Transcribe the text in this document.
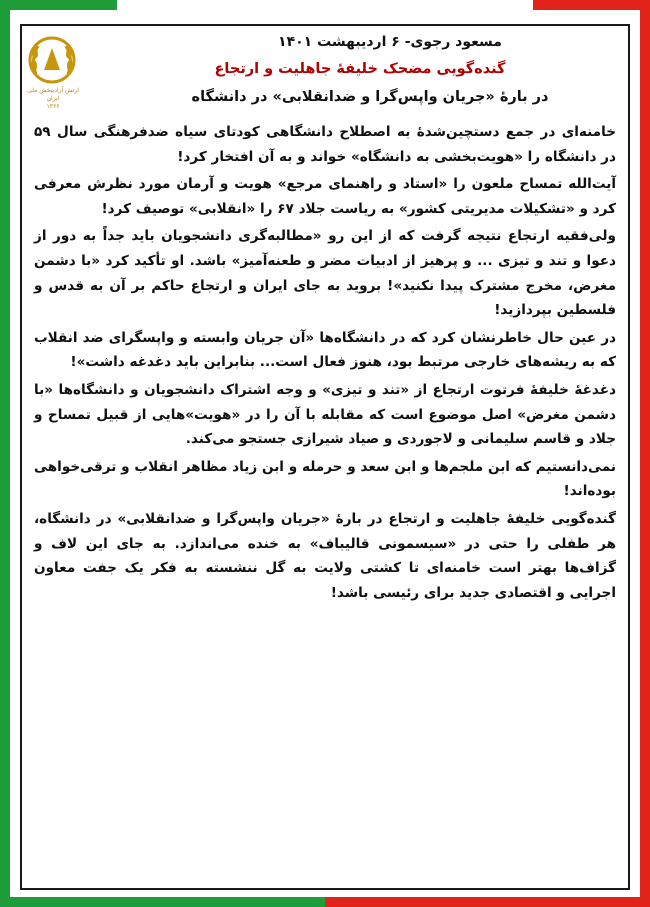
ارتش آزادیبخش ملی ایران
۱۳۶۶
مسعود رجوی- ۶ اردیبهشت ۱۴۰۱
گنده‌گویی مضحک خلیفهٔ جاهلیت و ارتجاع
در بارهٔ «جریان واپس‌گرا و ضدانقلابی» در دانشگاه

خامنه‌ای در جمع دستچین‌شدهٔ به اصطلاح دانشگاهی کودتای سیاه ضدفرهنگی سال ۵۹ در دانشگاه را «هویت‌بخشی به دانشگاه» خواند و به آن افتخار کرد!

آیت‌الله تمساح ملعون را «استاد و راهنمای مرجع» هویت و آرمان مورد نظرش معرفی کرد و «تشکیلات مدیریتی کشور» به ریاست جلاد ۶۷ را «انقلابی» توصیف کرد!

ولی‌فقیه ارتجاع نتیجه گرفت که از این رو «مطالبه‌گری دانشجویان باید جداً به دور از دعوا و تند و تیزی ... و پرهیز از ادبیات مضر و طعنه‌آمیز» باشد. او تأکید کرد «با دشمن مغرض، مخرج مشترک پیدا نکنید»! بروید به جای ایران و ارتجاع حاکم بر آن به قدس و فلسطین بپردازید!

در عین حال خاطرنشان کرد که در دانشگاه‌ها «آن جریان وابسته و واپسگرای ضد انقلاب که به ریشه‌های خارجی مرتبط بود، هنوز فعال است... بنابراین باید دغدغه داشت»!

دغدغهٔ خلیفهٔ فرتوت ارتجاع از «تند و تیزی» و وجه اشتراک دانشجویان و دانشگاه‌ها «با دشمن مغرض» اصل موضوع است که مقابله با آن را در «هویت»هایی از قبیل تمساح و جلاد و قاسم سلیمانی و لاجوردی و صیاد شیرازی جستجو می‌کند.

نمی‌دانستیم که ابن ملجم‌ها و ابن سعد و حرمله و ابن زیاد مظاهر انقلاب و ترقی‌خواهی بوده‌اند!

گنده‌گویی خلیفهٔ جاهلیت و ارتجاع در بارهٔ «جریان واپس‌گرا و ضدانقلابی» در دانشگاه، هر طفلی را حتی در «سیسمونی قالیباف» به خنده می‌اندازد. به جای این لاف و گزاف‌ها بهتر است خامنه‌ای تا کشتی ولایت به گل ننشسته به فکر یک جفت معاون اجرایی و اقتصادی جدید برای رئیسی باشد!
